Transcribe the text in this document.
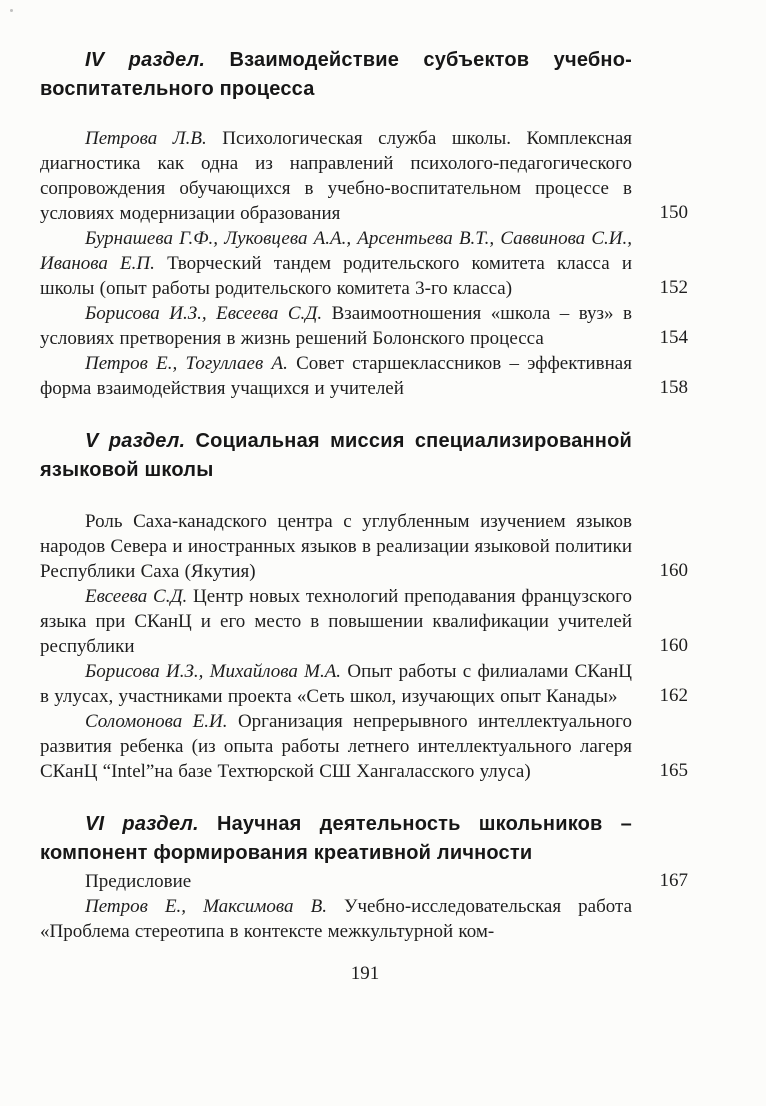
IV раздел. Взаимодействие субъектов учебно-воспитательного процесса

Петрова Л.В. Психологическая служба школы. Комплексная диагностика как одна из направлений психолого-педагогического сопровождения обучающихся в учебно-воспитательном процессе в условиях модернизации образования	150

Бурнашева Г.Ф., Луковцева А.А., Арсентьева В.Т., Саввинова С.И., Иванова Е.П. Творческий тандем родительского комитета класса и школы (опыт работы родительского комитета 3-го класса)	152

Борисова И.З., Евсеева С.Д. Взаимоотношения «школа – вуз» в условиях претворения в жизнь решений Болонского процесса	154

Петров Е., Тогуллаев А. Совет старшеклассников – эффективная форма взаимодействия учащихся и учителей	158
V раздел. Социальная миссия специализированной языковой школы

Роль Саха-канадского центра с углубленным изучением языков народов Севера и иностранных языков в реализации языковой политики Республики Саха (Якутия)	160

Евсеева С.Д. Центр новых технологий преподавания французского языка при СКанЦ и его место в повышении квалификации учителей республики	160

Борисова И.З., Михайлова М.А. Опыт работы с филиалами СКанЦ в улусах, участниками проекта «Сеть школ, изучающих опыт Канады»	162

Соломонова Е.И. Организация непрерывного интеллектуального развития ребенка (из опыта работы летнего интеллектуального лагеря СКанЦ “Intel”на базе Техтюрской СШ Хангаласского улуса)	165
VI раздел. Научная деятельность школьников – компонент формирования креативной личности

Предисловие	167

Петров Е., Максимова В. Учебно-исследовательская работа «Проблема стереотипа в контексте межкультурной ком-

191
